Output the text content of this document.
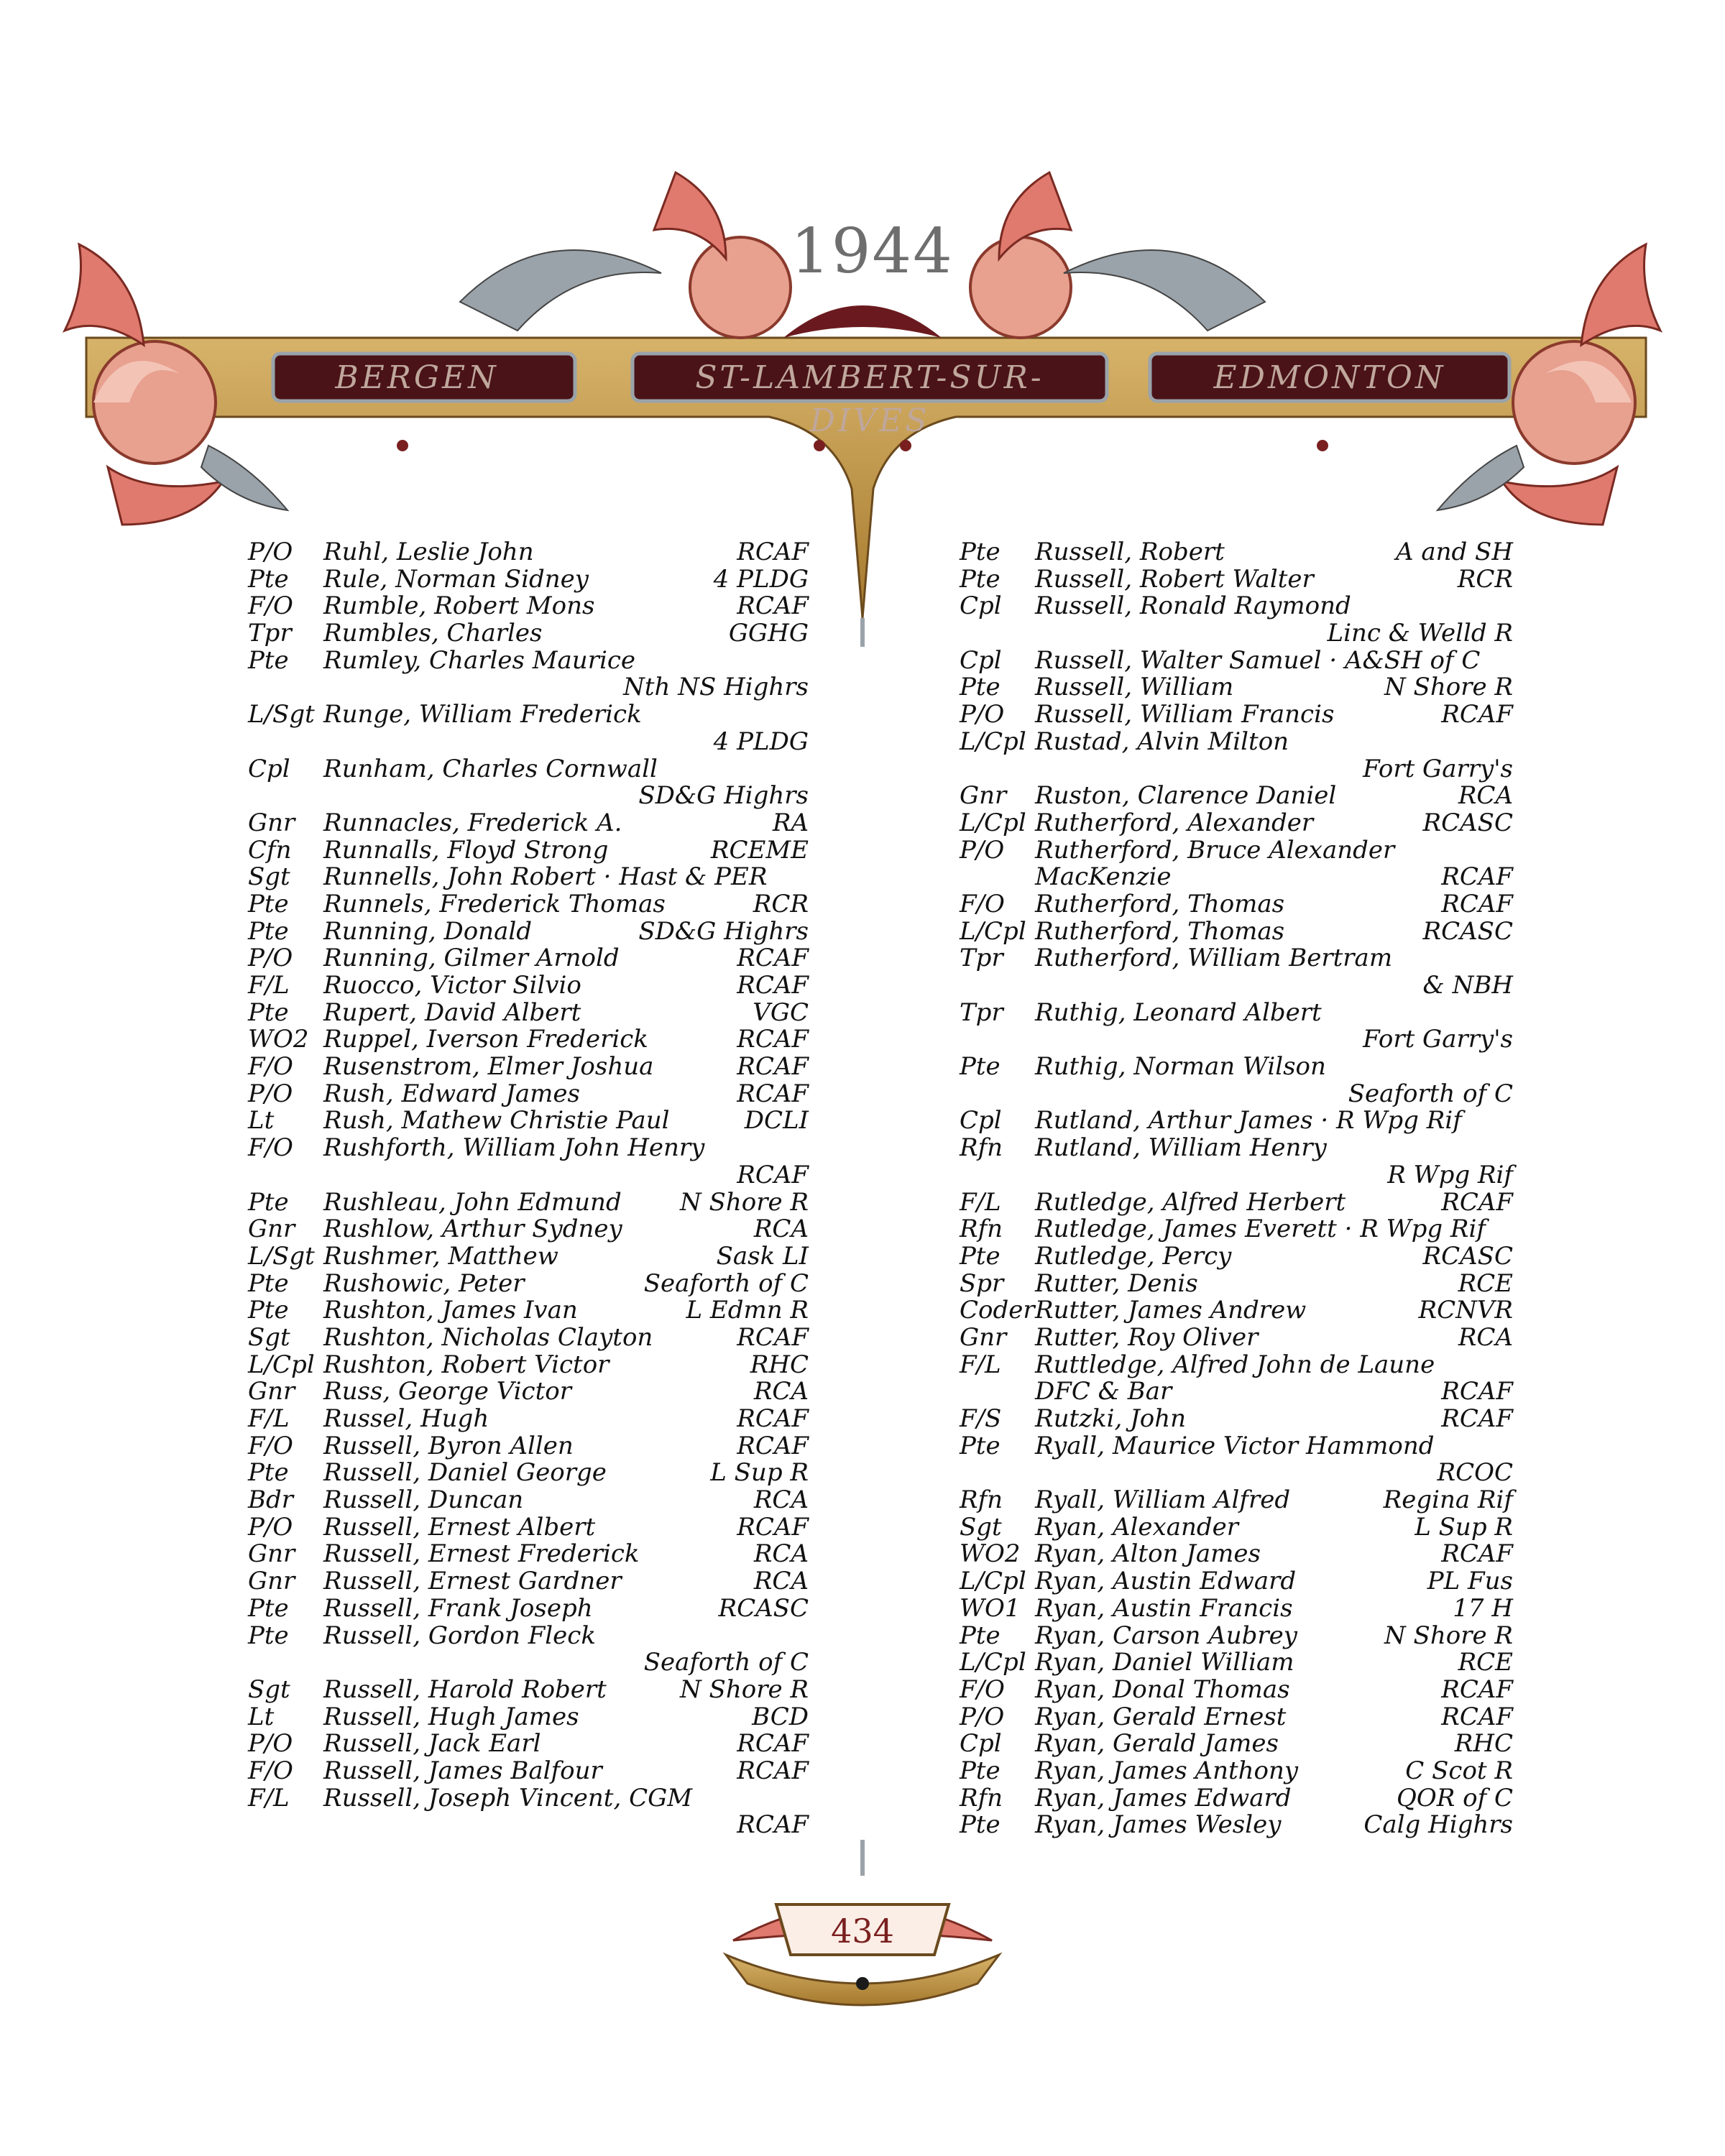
1944
BERGEN	ST-LAMBERT-SUR-DIVES
EDMONTON
P/O Ruhl, Leslie John	RCAF
Pte Rule, Norman Sidney	4 PLDG
F/O Rumble, Robert Mons	RCAF
Tpr Rumbles, Charles	GGHG
Pte Rumley, Charles Maurice
Nth NS Highrs
L/Sgt Runge, William Frederick
4 PLDG
Cpl Runham, Charles Cornwall
SD&G Highrs
Gnr Runnacles, Frederick A.	RA
Cfn Runnalls, Floyd Strong	RCEME
Sgt Runnells, John Robert · Hast & PER
Pte Runnels, Frederick Thomas	RCR
Pte Running, Donald	SD&G Highrs
P/O Running, Gilmer Arnold	RCAF
F/L Ruocco, Victor Silvio	RCAF
Pte Rupert, David Albert	VGC
WO2 Ruppel, Iverson Frederick	RCAF
F/O Rusenstrom, Elmer Joshua	RCAF
P/O Rush, Edward James	RCAF
Lt Rush, Mathew Christie Paul	DCLI
F/O Rushforth, William John Henry
RCAF
Pte Rushleau, John Edmund N Shore R
Gnr Rushlow, Arthur Sydney	RCA
L/Sgt Rushmer, Matthew	Sask LI
Pte Rushowic, Peter	Seaforth of C
Pte Rushton, James Ivan	L Edmn R
Sgt Rushton, Nicholas Clayton	RCAF
L/Cpl Rushton, Robert Victor	RHC
Gnr Russ, George Victor	RCA
F/L Russel, Hugh	RCAF
F/O Russell, Byron Allen	RCAF
Pte Russell, Daniel George	L Sup R
Bdr Russell, Duncan	RCA
P/O Russell, Ernest Albert	RCAF
Gnr Russell, Ernest Frederick	RCA
Gnr Russell, Ernest Gardner	RCA
Pte Russell, Frank Joseph	RCASC
Pte Russell, Gordon Fleck
Seaforth of C
Sgt Russell, Harold Robert	N Shore R
Lt Russell, Hugh James	BCD
P/O Russell, Jack Earl	RCAF
F/O Russell, James Balfour	RCAF
F/L Russell, Joseph Vincent, CGM
RCAF
Pte Russell, Robert	A and SH
Pte Russell, Robert Walter	RCR
Cpl Russell, Ronald Raymond
Linc & Welld R
Cpl Russell, Walter Samuel · A&SH of C
Pte Russell, William	N Shore R
P/O Russell, William Francis	RCAF
L/Cpl Rustad, Alvin Milton
Fort Garry's
Gnr Ruston, Clarence Daniel	RCA
L/Cpl Rutherford, Alexander	RCASC
P/O Rutherford, Bruce Alexander
MacKenzie	RCAF
F/O Rutherford, Thomas	RCAF
L/Cpl Rutherford, Thomas	RCASC
Tpr Rutherford, William Bertram
& NBH
Tpr Ruthig, Leonard Albert
Fort Garry's
Pte Ruthig, Norman Wilson
Seaforth of C
Cpl Rutland, Arthur James · R Wpg Rif
Rfn Rutland, William Henry
R Wpg Rif
F/L Rutledge, Alfred Herbert	RCAF
Rfn Rutledge, James Everett · R Wpg Rif
Pte Rutledge, Percy	RCASC
Spr Rutter, Denis	RCE
Coder Rutter, James Andrew	RCNVR
Gnr Rutter, Roy Oliver	RCA
F/L Ruttledge, Alfred John de Laune
DFC & Bar	RCAF
F/S Rutzki, John	RCAF
Pte Ryall, Maurice Victor Hammond
RCOC
Rfn Ryall, William Alfred	Regina Rif
Sgt Ryan, Alexander	L Sup R
WO2 Ryan, Alton James	RCAF
L/Cpl Ryan, Austin Edward	PL Fus
WO1 Ryan, Austin Francis	17 H
Pte Ryan, Carson Aubrey	N Shore R
L/Cpl Ryan, Daniel William	RCE
F/O Ryan, Donal Thomas	RCAF
P/O Ryan, Gerald Ernest	RCAF
Cpl Ryan, Gerald James	RHC
Pte Ryan, James Anthony	C Scot R
Rfn Ryan, James Edward	QOR of C
Pte Ryan, James Wesley	Calg Highrs
434
